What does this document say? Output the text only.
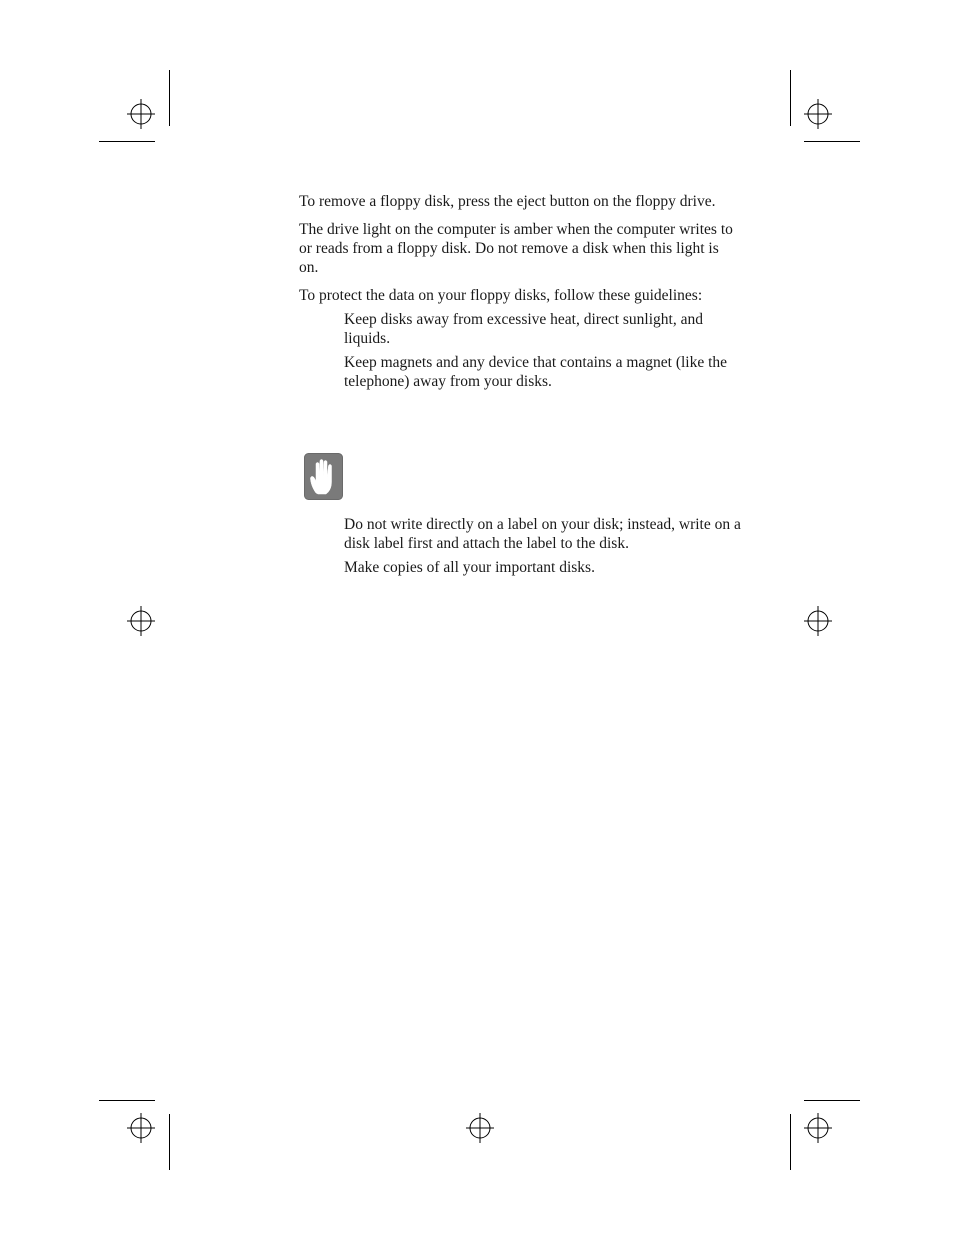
To remove a floppy disk, press the eject button on the floppy drive.

The drive light on the computer is amber when the computer writes to or reads from a floppy disk. Do not remove a disk when this light is on.

To protect the data on your floppy disks, follow these guidelines:

Keep disks away from excessive heat, direct sunlight, and liquids.
Keep magnets and any device that contains a magnet (like the telephone) away from your disks.
Do not write directly on a label on your disk; instead, write on a disk label first and attach the label to the disk.
Make copies of all your important disks.
